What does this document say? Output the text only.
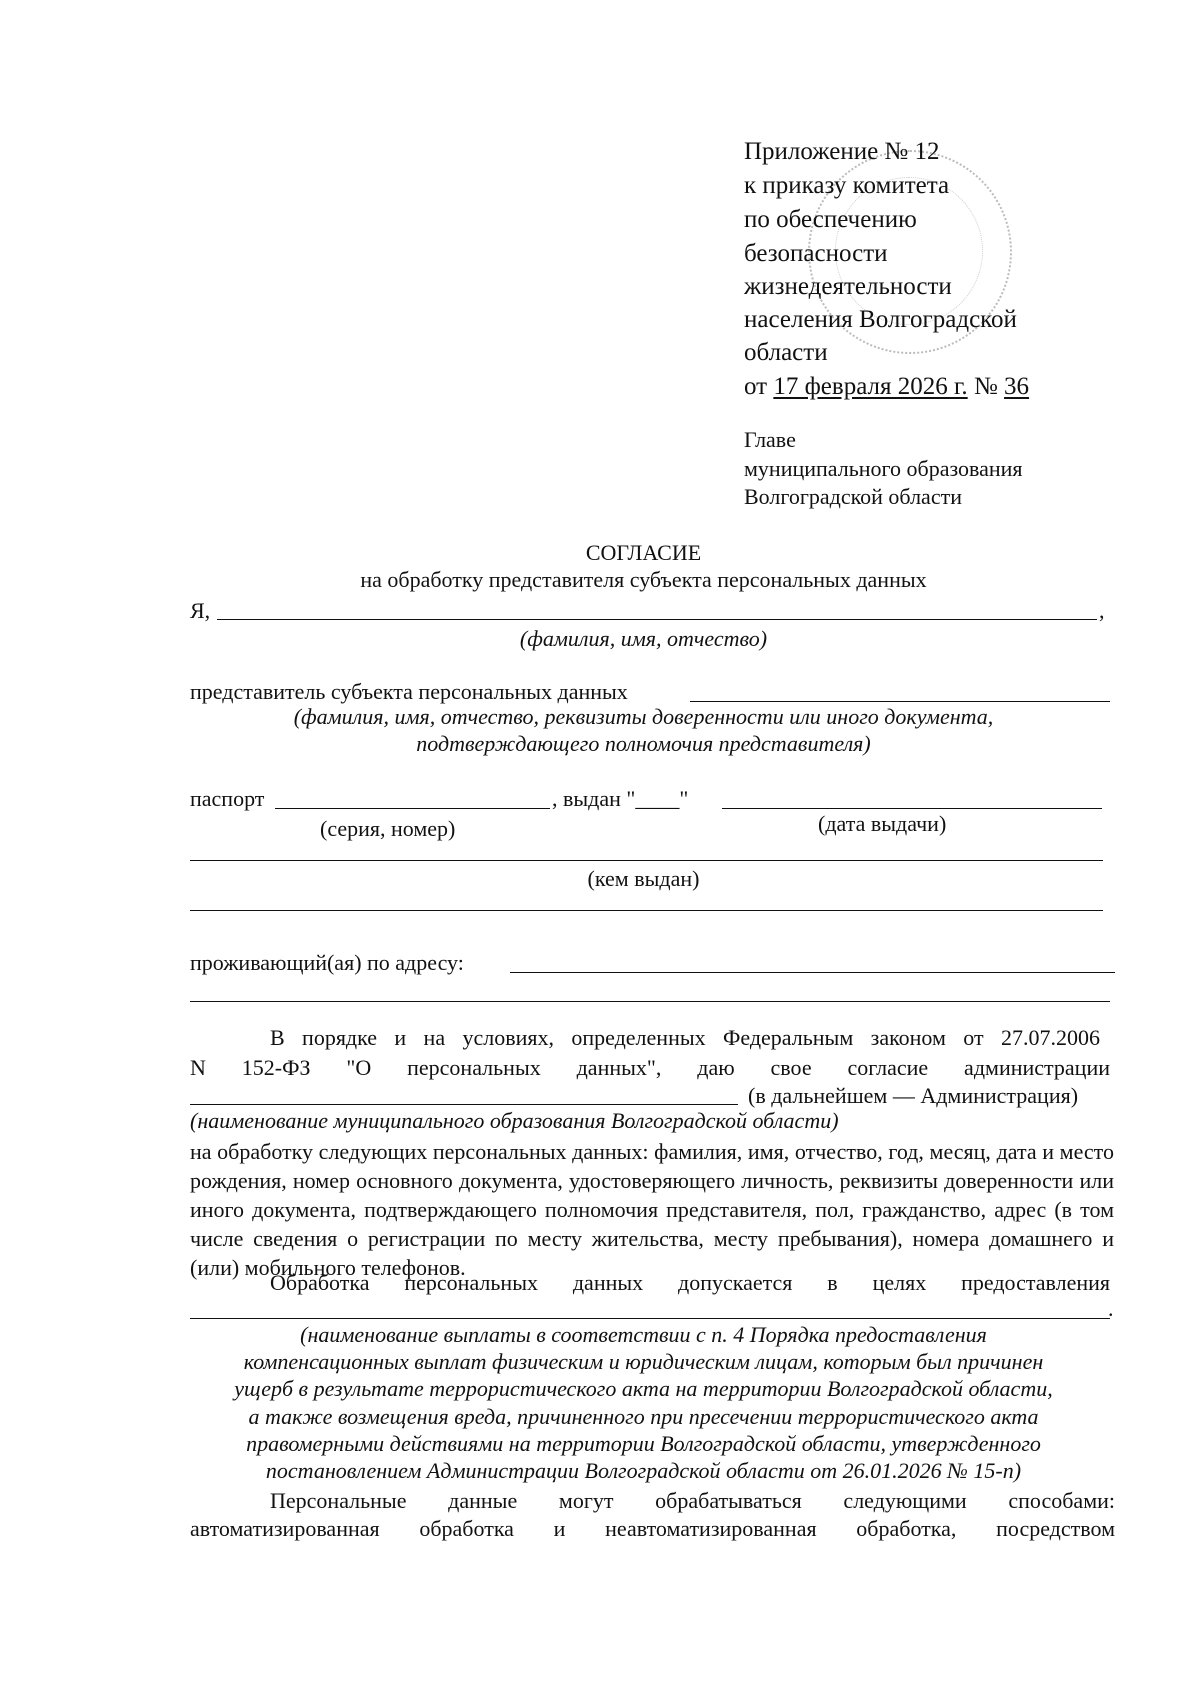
Приложение № 12
к приказу комитета
по обеспечению
безопасности
жизнедеятельности
населения Волгоградской
области
от 17 февраля 2026 г. № 36
Главе
муниципального образования
Волгоградской области
СОГЛАСИЕ
на обработку представителя субъекта персональных данных
Я,	,
(фамилия, имя, отчество)
представитель субъекта персональных данных
(фамилия, имя, отчество, реквизиты доверенности или иного документа,
подтверждающего полномочия представителя)
паспорт	, выдан "____"
(серия, номер)	(дата выдачи)
(кем выдан)
проживающий(ая) по адресу:
В порядке и на условиях, определенных Федеральным законом от 27.07.2006
N 152-ФЗ "О персональных данных", даю свое согласие администрации
(в дальнейшем — Администрация)
(наименование муниципального образования Волгоградской области)
на обработку следующих персональных данных: фамилия, имя, отчество, год, месяц, дата и место рождения, номер основного документа, удостоверяющего личность, реквизиты доверенности или иного документа, подтверждающего полномочия представителя, пол, гражданство, адрес (в том числе сведения о регистрации по месту жительства, месту пребывания), номера домашнего и (или) мобильного телефонов.
Обработка персональных данных допускается в целях предоставления
.
(наименование выплаты в соответствии с п. 4 Порядка предоставления
компенсационных выплат физическим и юридическим лицам, которым был причинен
ущерб в результате террористического акта на территории Волгоградской области,
а также возмещения вреда, причиненного при пресечении террористического акта
правомерными действиями на территории Волгоградской области, утвержденного
постановлением Администрации Волгоградской области от 26.01.2026 № 15-п)
Персональные данные могут обрабатываться следующими способами:
автоматизированная обработка и неавтоматизированная обработка, посредством
